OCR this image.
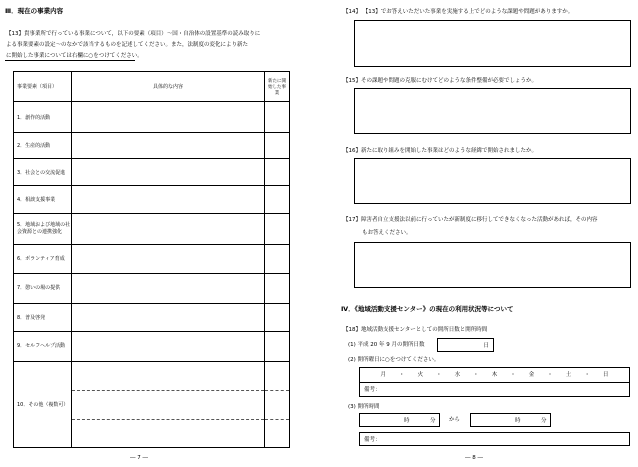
Ⅲ．現在の事業内容
【13】貴事業所で行っている事業について，以下の要素（項目）～国・自治体の設置基準の読み取りに
よる事業要素の設定～のなかで該当するものを記述してください。また，法制度の変化により新た
に開始した事業については右欄に○をつけてください。
事業要素（項目）	具体的な内容	新たに開始した事業
1．創作的活動		
2．生産的活動		
3．社会との交流促進		
4．相談支援事業		
5．地域および地域の社会資源との連携強化		
6．ボランティア育成		
7．憩いの場の提供		
8．普及啓発		
9．セルフヘルプ活動		
10．その他（複数可）	

― 7 ―
【14】 【13】でお答えいただいた事業を実施する上でどのような課題や問題がありますか。
【15】その課題や問題の克服にむけてどのような条件整備が必要でしょうか。
【16】新たに取り組みを開始した事業はどのような経緯で開始されましたか。
【17】障害者自立支援法以前に行っていたが新制度に移行してできなくなった活動があれば，その内容
もお答えください。
Ⅳ．《地域活動支援センター》の現在の利用状況等について
【18】地域活動支援センターとしての開所日数と開所時間
(1) 平成 20 年 9 月の開所日数	日
(2) 開所曜日に○をつけてください。
月 ・ 火 ・ 水 ・ 木 ・ 金 ・ 土 ・ 日
備考：
(3) 開所時間
時	分 から	時	分
備考：
― 8 ―
